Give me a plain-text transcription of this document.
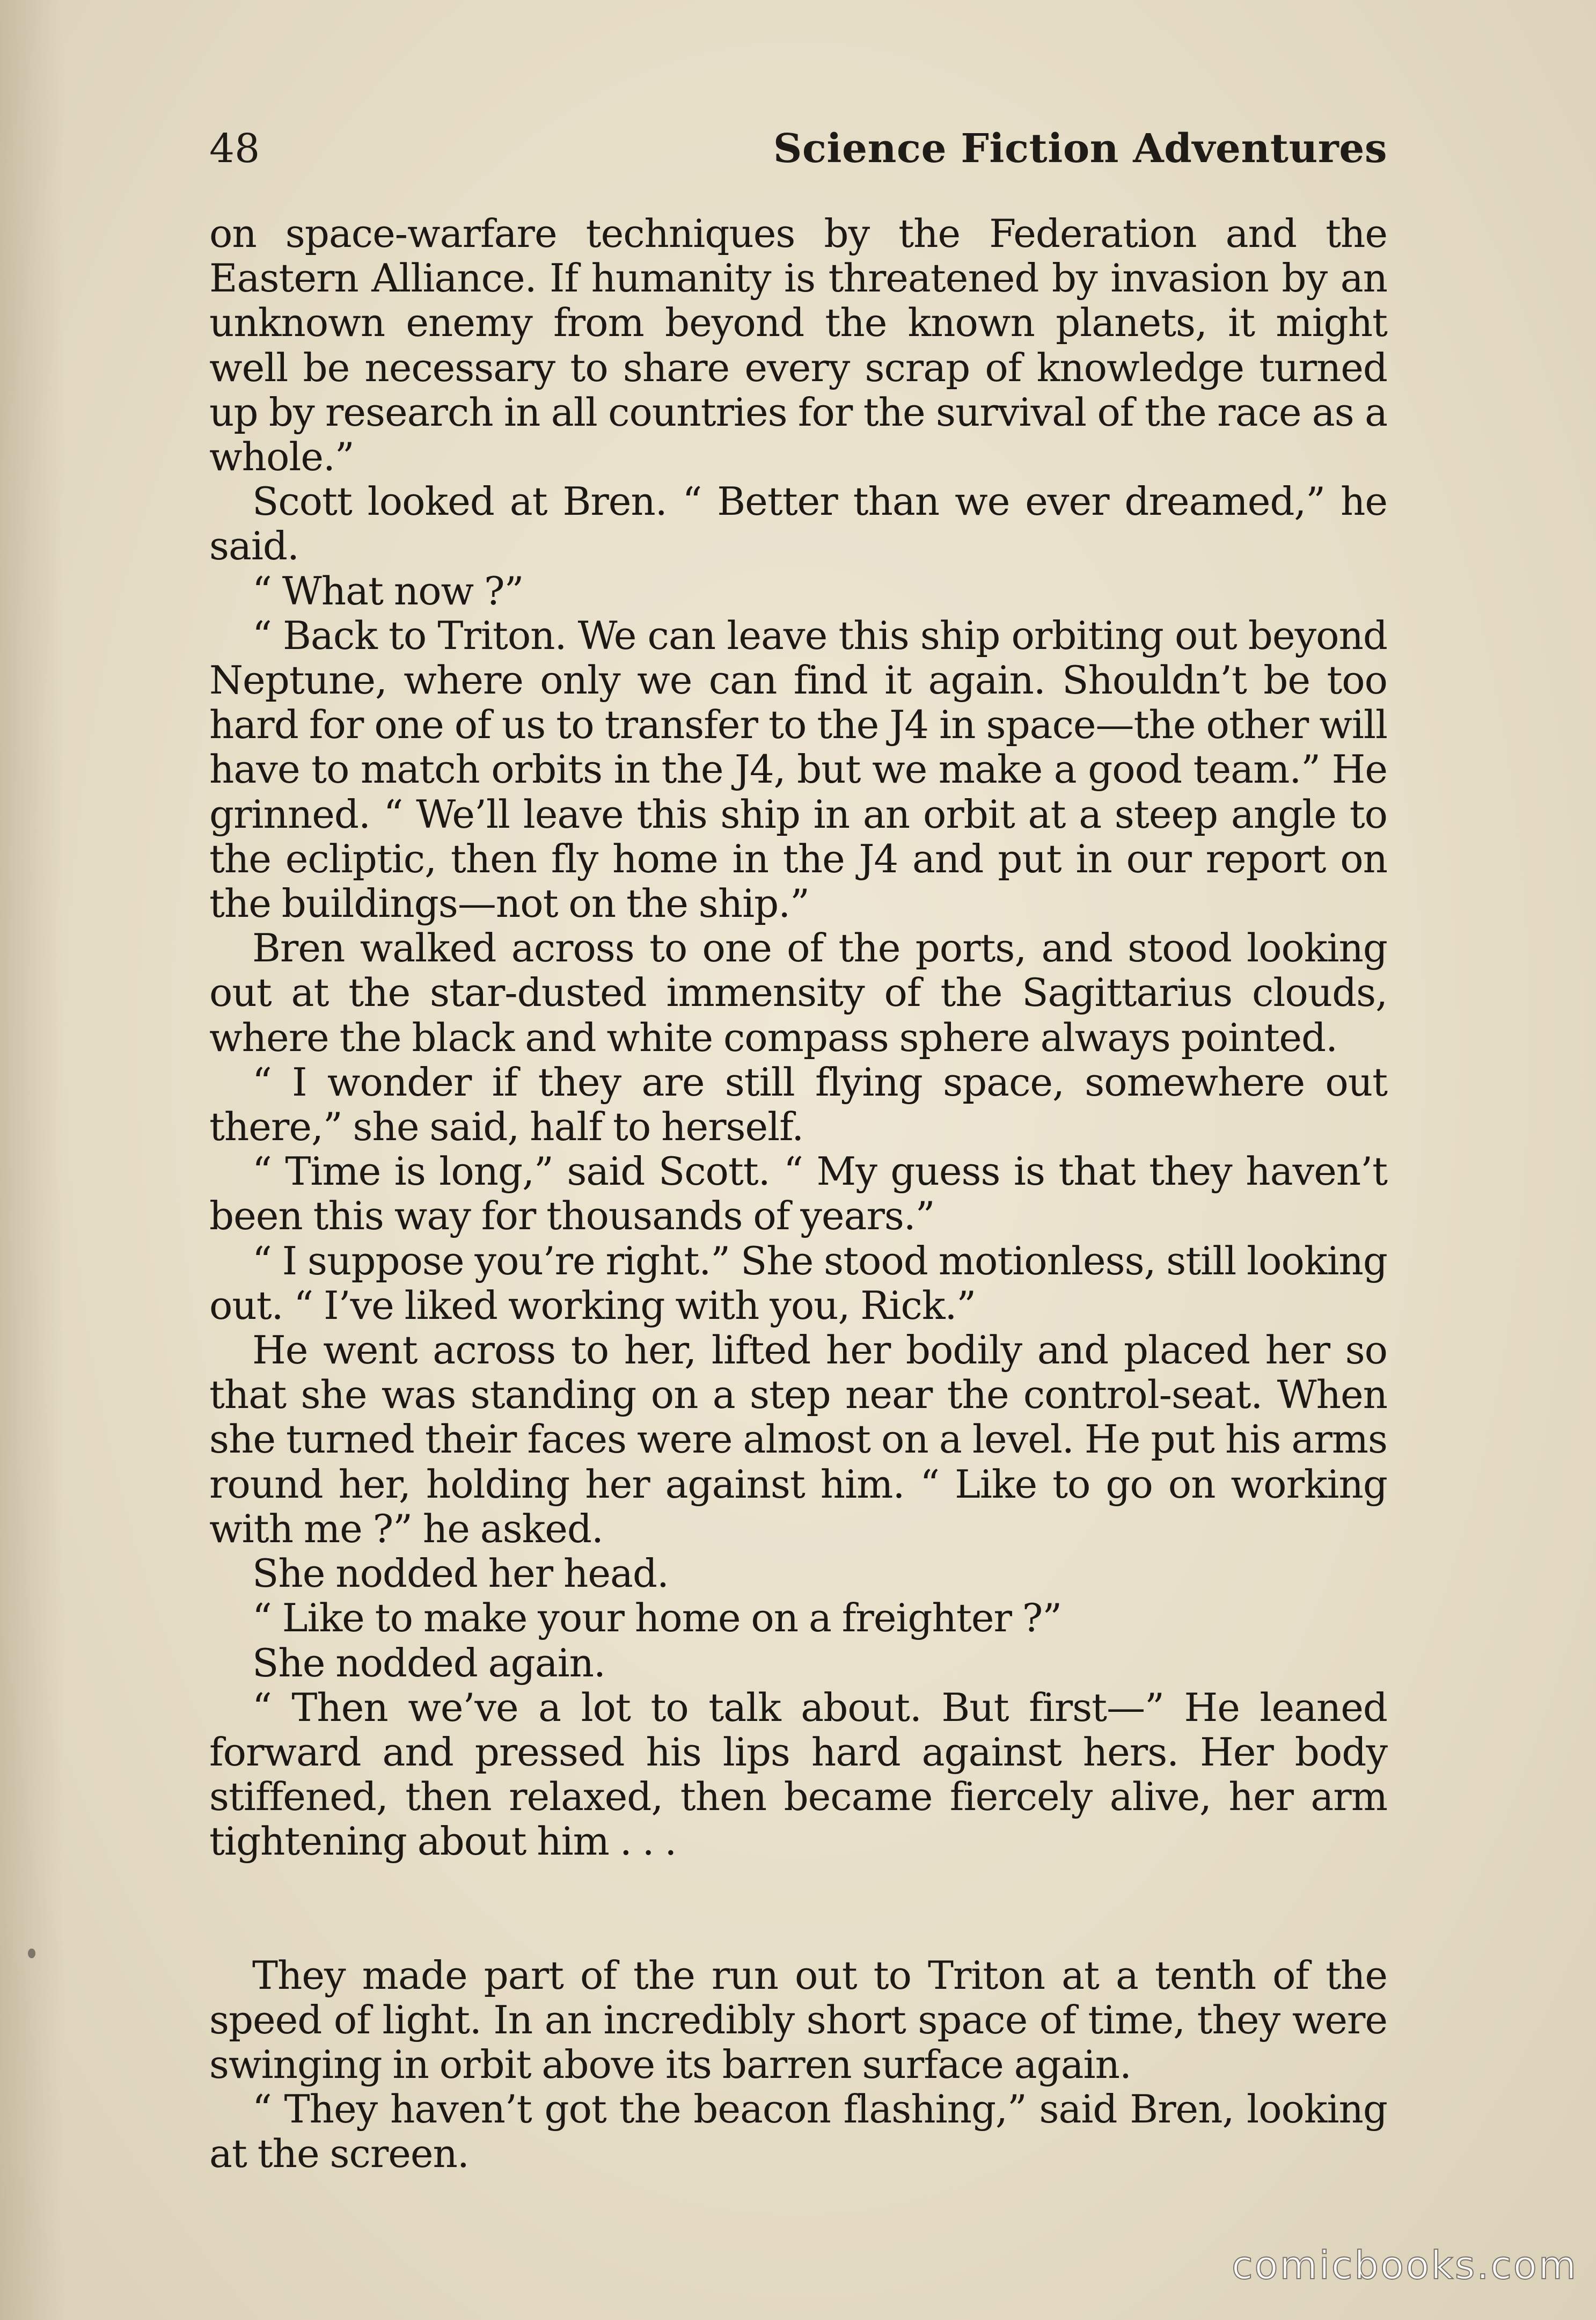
48	Science Fiction Adventures

on space-warfare techniques by the Federation and the Eastern Alliance. If humanity is threatened by invasion by an unknown enemy from beyond the known planets, it might well be necessary to share every scrap of knowledge turned up by research in all countries for the survival of the race as a whole.”

Scott looked at Bren. “ Better than we ever dreamed,” he said.

“ What now ?”

“ Back to Triton. We can leave this ship orbiting out beyond Neptune, where only we can find it again. Shouldn’t be too hard for one of us to transfer to the J4 in space—the other will have to match orbits in the J4, but we make a good team.” He grinned. “ We’ll leave this ship in an orbit at a steep angle to the ecliptic, then fly home in the J4 and put in our report on the buildings—not on the ship.”

Bren walked across to one of the ports, and stood looking out at the star-dusted immensity of the Sagittarius clouds, where the black and white compass sphere always pointed.

“ I wonder if they are still flying space, somewhere out there,” she said, half to herself.

“ Time is long,” said Scott. “ My guess is that they haven’t been this way for thousands of years.”

“ I suppose you’re right.” She stood motionless, still looking out. “ I’ve liked working with you, Rick.”

He went across to her, lifted her bodily and placed her so that she was standing on a step near the control-seat. When she turned their faces were almost on a level. He put his arms round her, holding her against him. “ Like to go on working with me ?” he asked.

She nodded her head.

“ Like to make your home on a freighter ?”

She nodded again.

“ Then we’ve a lot to talk about. But first—” He leaned forward and pressed his lips hard against hers. Her body stiffened, then relaxed, then became fiercely alive, her arm tightening about him . . .

They made part of the run out to Triton at a tenth of the speed of light. In an incredibly short space of time, they were swinging in orbit above its barren surface again.

“ They haven’t got the beacon flashing,” said Bren, looking at the screen.

comicbooks.com
